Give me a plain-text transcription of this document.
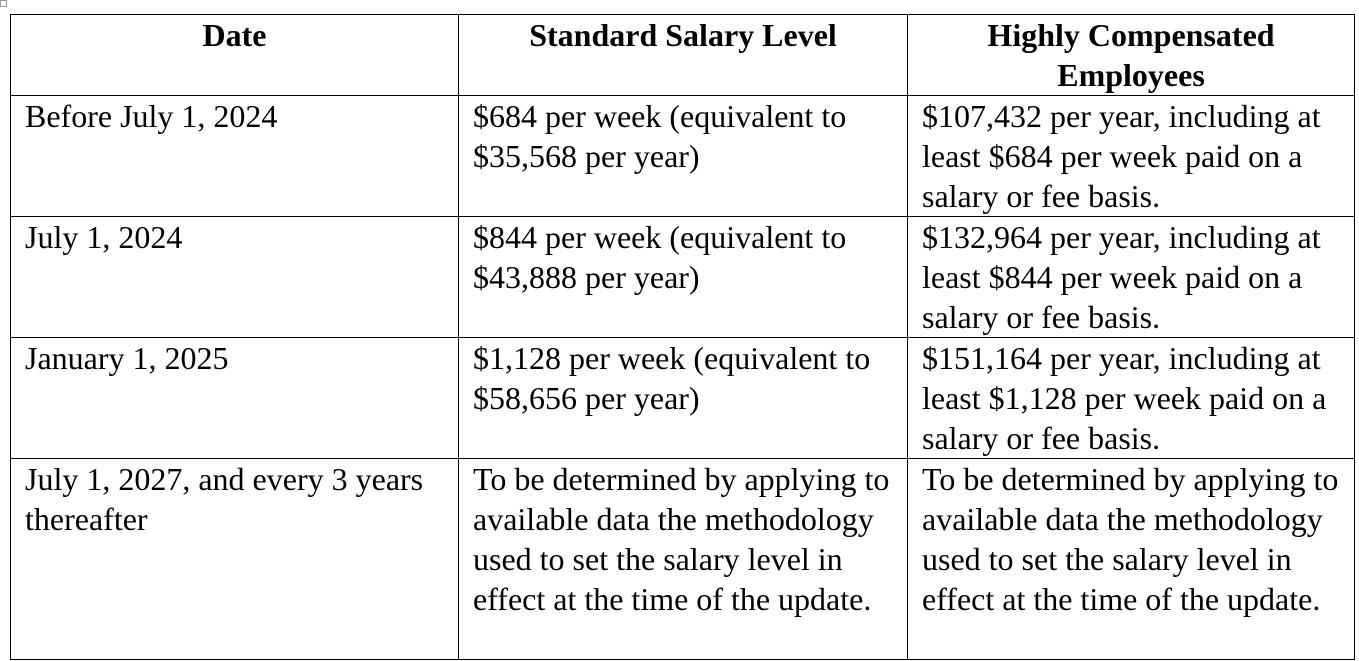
Date	Standard Salary Level	Highly Compensated Employees
Before July 1, 2024	$684 per week (equivalent to $35,568 per year)	$107,432 per year, including at least $684 per week paid on a salary or fee basis.
July 1, 2024	$844 per week (equivalent to $43,888 per year)	$132,964 per year, including at least $844 per week paid on a salary or fee basis.
January 1, 2025	$1,128 per week (equivalent to $58,656 per year)	$151,164 per year, including at least $1,128 per week paid on a salary or fee basis.
July 1, 2027, and every 3 years thereafter	To be determined by applying to available data the methodology used to set the salary level in effect at the time of the update.	To be determined by applying to available data the methodology used to set the salary level in effect at the time of the update.
